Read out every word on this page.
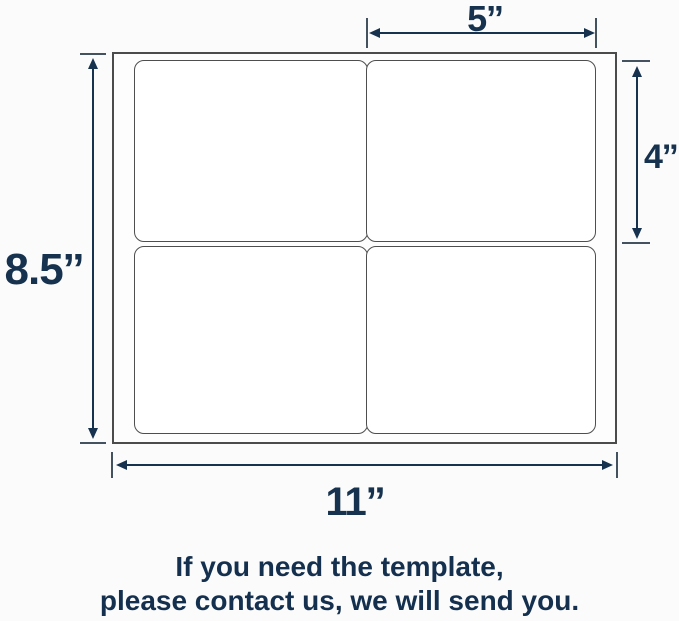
5’’
4’’
8.5’’
11’’
If you need the template,
please contact us, we will send you.
